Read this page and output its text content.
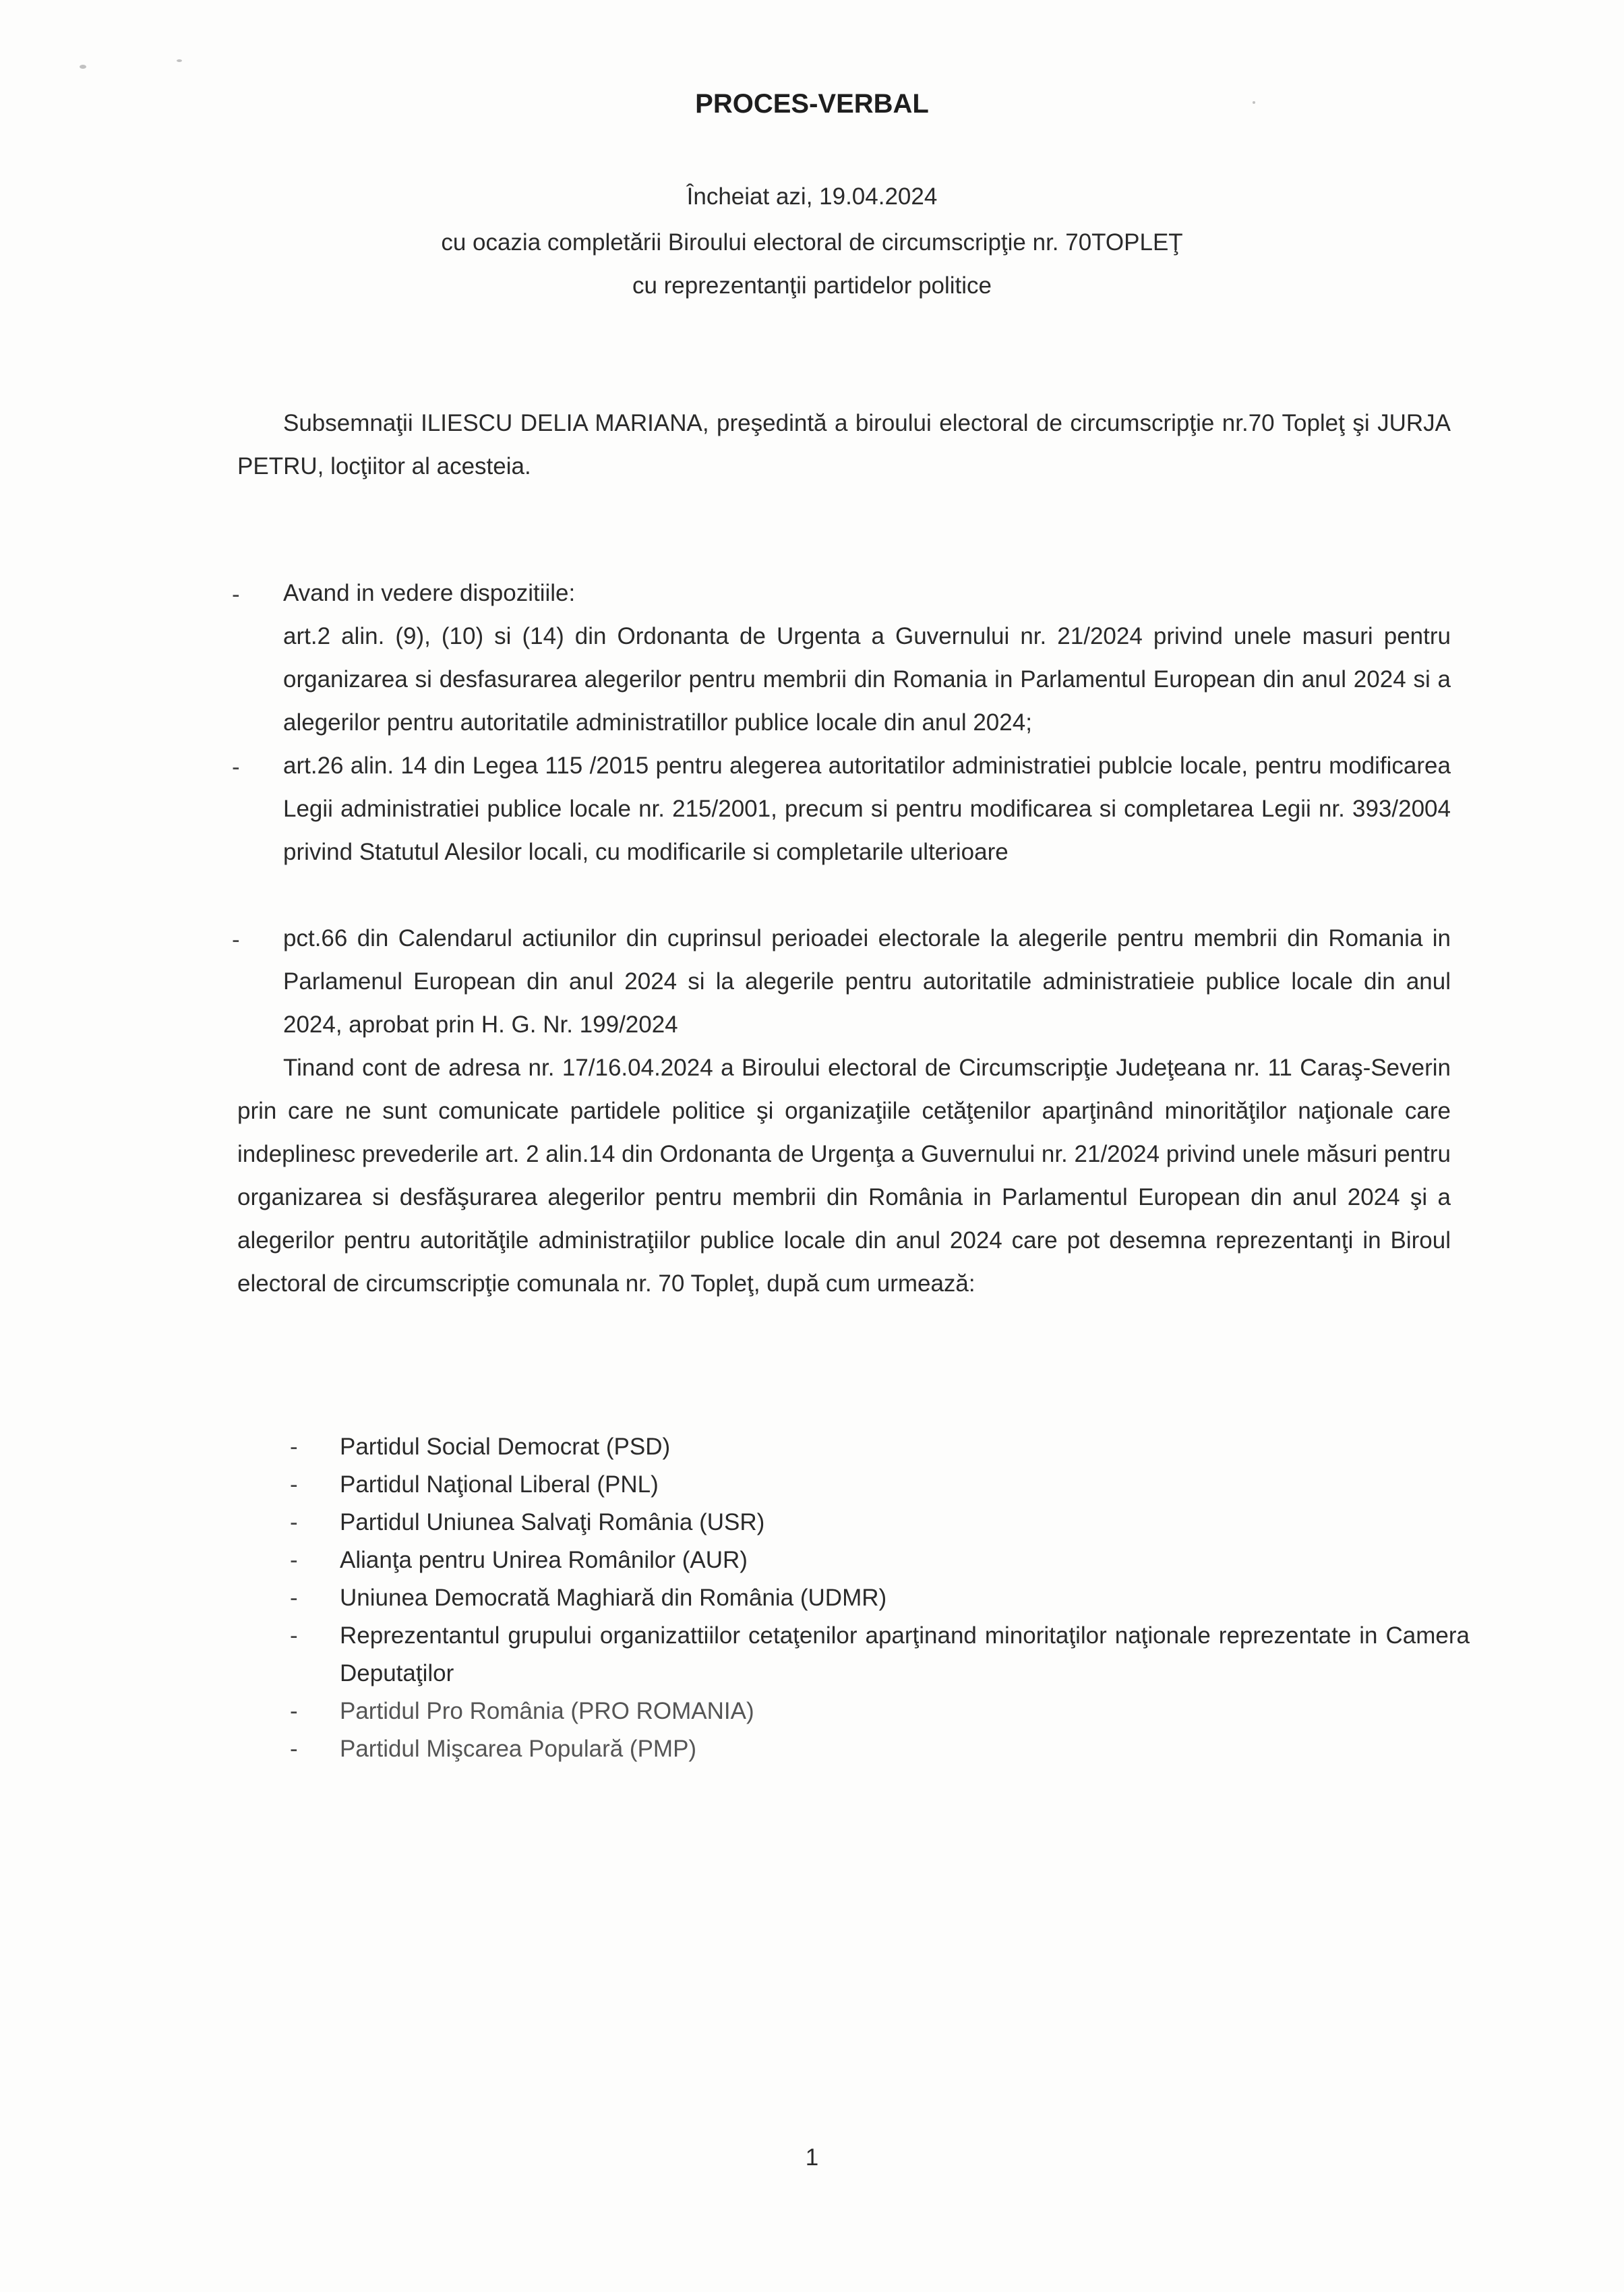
PROCES-VERBAL
Încheiat azi, 19.04.2024
cu ocazia completării Biroului electoral de circumscripţie nr. 70TOPLEŢ
cu reprezentanţii partidelor politice
Subsemnaţii ILIESCU DELIA MARIANA, preşedintă a biroului electoral de circumscripţie nr.70 Topleţ şi JURJA PETRU, locţiitor al acesteia.
Avand in vedere dispozitiile:
-
art.2 alin. (9), (10) si (14) din Ordonanta de Urgenta a Guvernului nr. 21/2024 privind unele masuri pentru organizarea si desfasurarea alegerilor pentru membrii din Romania in Parlamentul European din anul 2024 si a alegerilor pentru autoritatile administratillor publice locale din anul 2024;
- art.26 alin. 14 din Legea 115 /2015 pentru alegerea autoritatilor administratiei publcie locale, pentru modificarea Legii administratiei publice locale nr. 215/2001, precum si pentru modificarea si completarea Legii nr. 393/2004 privind Statutul Alesilor locali, cu modificarile si completarile ulterioare
- pct.66 din Calendarul actiunilor din cuprinsul perioadei electorale la alegerile pentru membrii din Romania in Parlamenul European din anul 2024 si la alegerile pentru autoritatile administratieie publice locale din anul 2024, aprobat prin H. G. Nr. 199/2024
Tinand cont de adresa nr. 17/16.04.2024 a Biroului electoral de Circumscripţie Judeţeana nr. 11 Caraş-Severin prin care ne sunt comunicate partidele politice şi organizaţiile cetăţenilor aparţinând minorităţilor naţionale care indeplinesc prevederile art. 2 alin.14 din Ordonanta de Urgenţa a Guvernului nr. 21/2024 privind unele măsuri pentru organizarea si desfăşurarea alegerilor pentru membrii din România in Parlamentul European din anul 2024 şi a alegerilor pentru autorităţile administraţiilor publice locale din anul 2024 care pot desemna reprezentanţi in Biroul electoral de circumscripţie comunala nr. 70 Topleţ, după cum urmează:
- Partidul Social Democrat (PSD)
- Partidul Naţional Liberal (PNL)
- Partidul Uniunea Salvaţi România (USR)
- Alianţa pentru Unirea Românilor (AUR)
- Uniunea Democrată Maghiară din România (UDMR)
- Reprezentantul grupului organizattiilor cetaţenilor aparţinand minoritaţilor naţionale reprezentate in Camera Deputaţilor
- Partidul Pro România (PRO ROMANIA)
- Partidul Mişcarea Populară (PMP)
1
